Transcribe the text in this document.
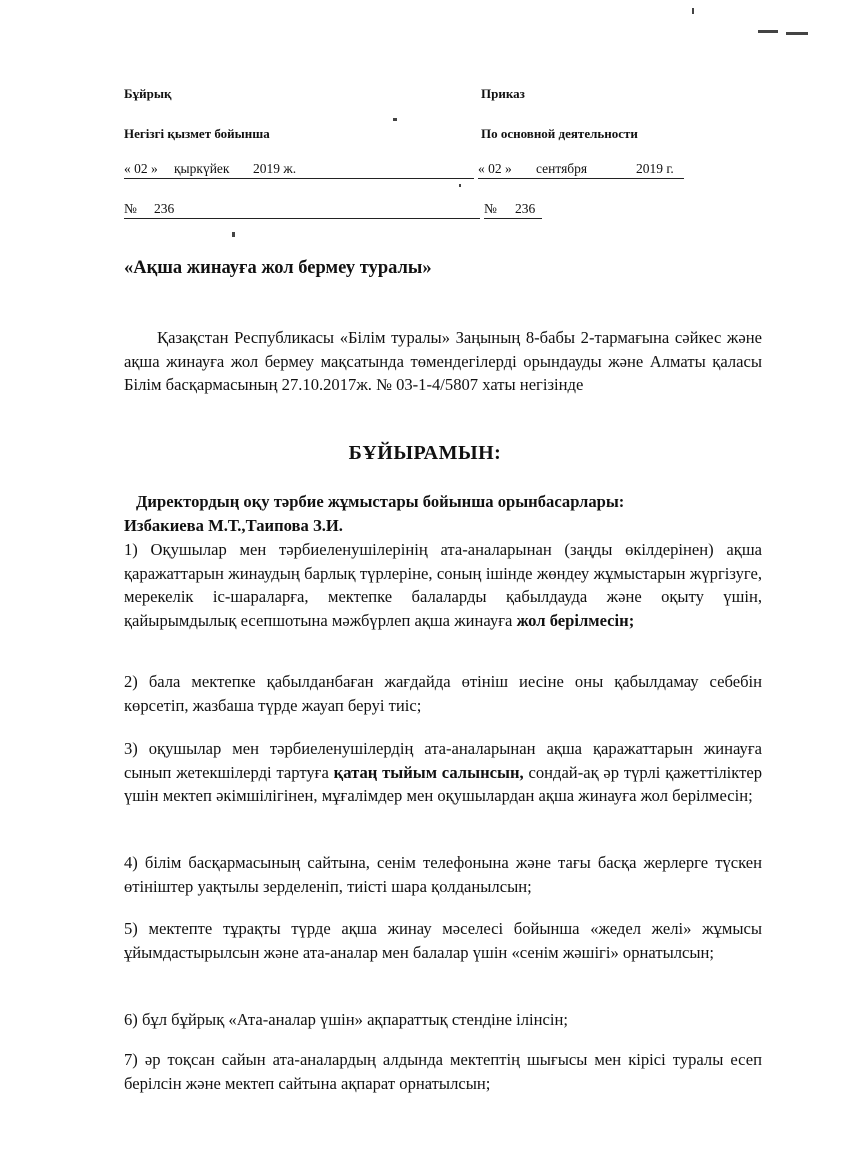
Бұйрық	Приказ
Негізгі қызмет бойынша	По основной деятельности
« 02 » қыркүйек 2019 ж.	« 02 » сентября	2019 г.
№ 236	№ 236
«Ақша жинауға жол бермеу туралы»
Қазақстан Республикасы «Білім туралы» Заңының 8-бабы 2-тармағына сәйкес және ақша жинауға жол бермеу мақсатында төмендегілерді орындауды және Алматы қаласы Білім басқармасының 27.10.2017ж. № 03-1-4/5807 хаты негізінде
БҰЙЫРАМЫН:
Директордың оқу тәрбие жұмыстары бойынша орынбасарлары:
Избакиева М.Т.,Таипова З.И.
1) Оқушылар мен тәрбиеленушілерінің ата-аналарынан (заңды өкілдерінен) ақша қаражаттарын жинаудың барлық түрлеріне, соның ішінде жөндеу жұмыстарын жүргізуге, мерекелік іс-шараларға, мектепке балаларды қабылдауда және оқыту үшін, қайырымдылық есепшотына мәжбүрлеп ақша жинауға жол берілмесін;
2) бала мектепке қабылданбаған жағдайда өтініш иесіне оны қабылдамау себебін көрсетіп, жазбаша түрде жауап беруі тиіс;
3) оқушылар мен тәрбиеленушілердің ата-аналарынан ақша қаражаттарын жинауға сынып жетекшілерді тартуға қатаң тыйым салынсын, сондай-ақ әр түрлі қажеттіліктер үшін мектеп әкімшілігінен, мұғалімдер мен оқушылардан ақша жинауға жол берілмесін;
4) білім басқармасының сайтына, сенім телефонына және тағы басқа жерлерге түскен өтініштер уақтылы зерделеніп, тиісті шара қолданылсын;
5) мектепте тұрақты түрде ақша жинау мәселесі бойынша «жедел желі» жұмысы ұйымдастырылсын және ата-аналар мен балалар үшін «сенім жәшігі» орнатылсын;
6) бұл бұйрық «Ата-аналар үшін» ақпараттық стендіне ілінсін;
7) әр тоқсан сайын ата-аналардың алдында мектептің шығысы мен кірісі туралы есеп берілсін және мектеп сайтына ақпарат орнатылсын;
